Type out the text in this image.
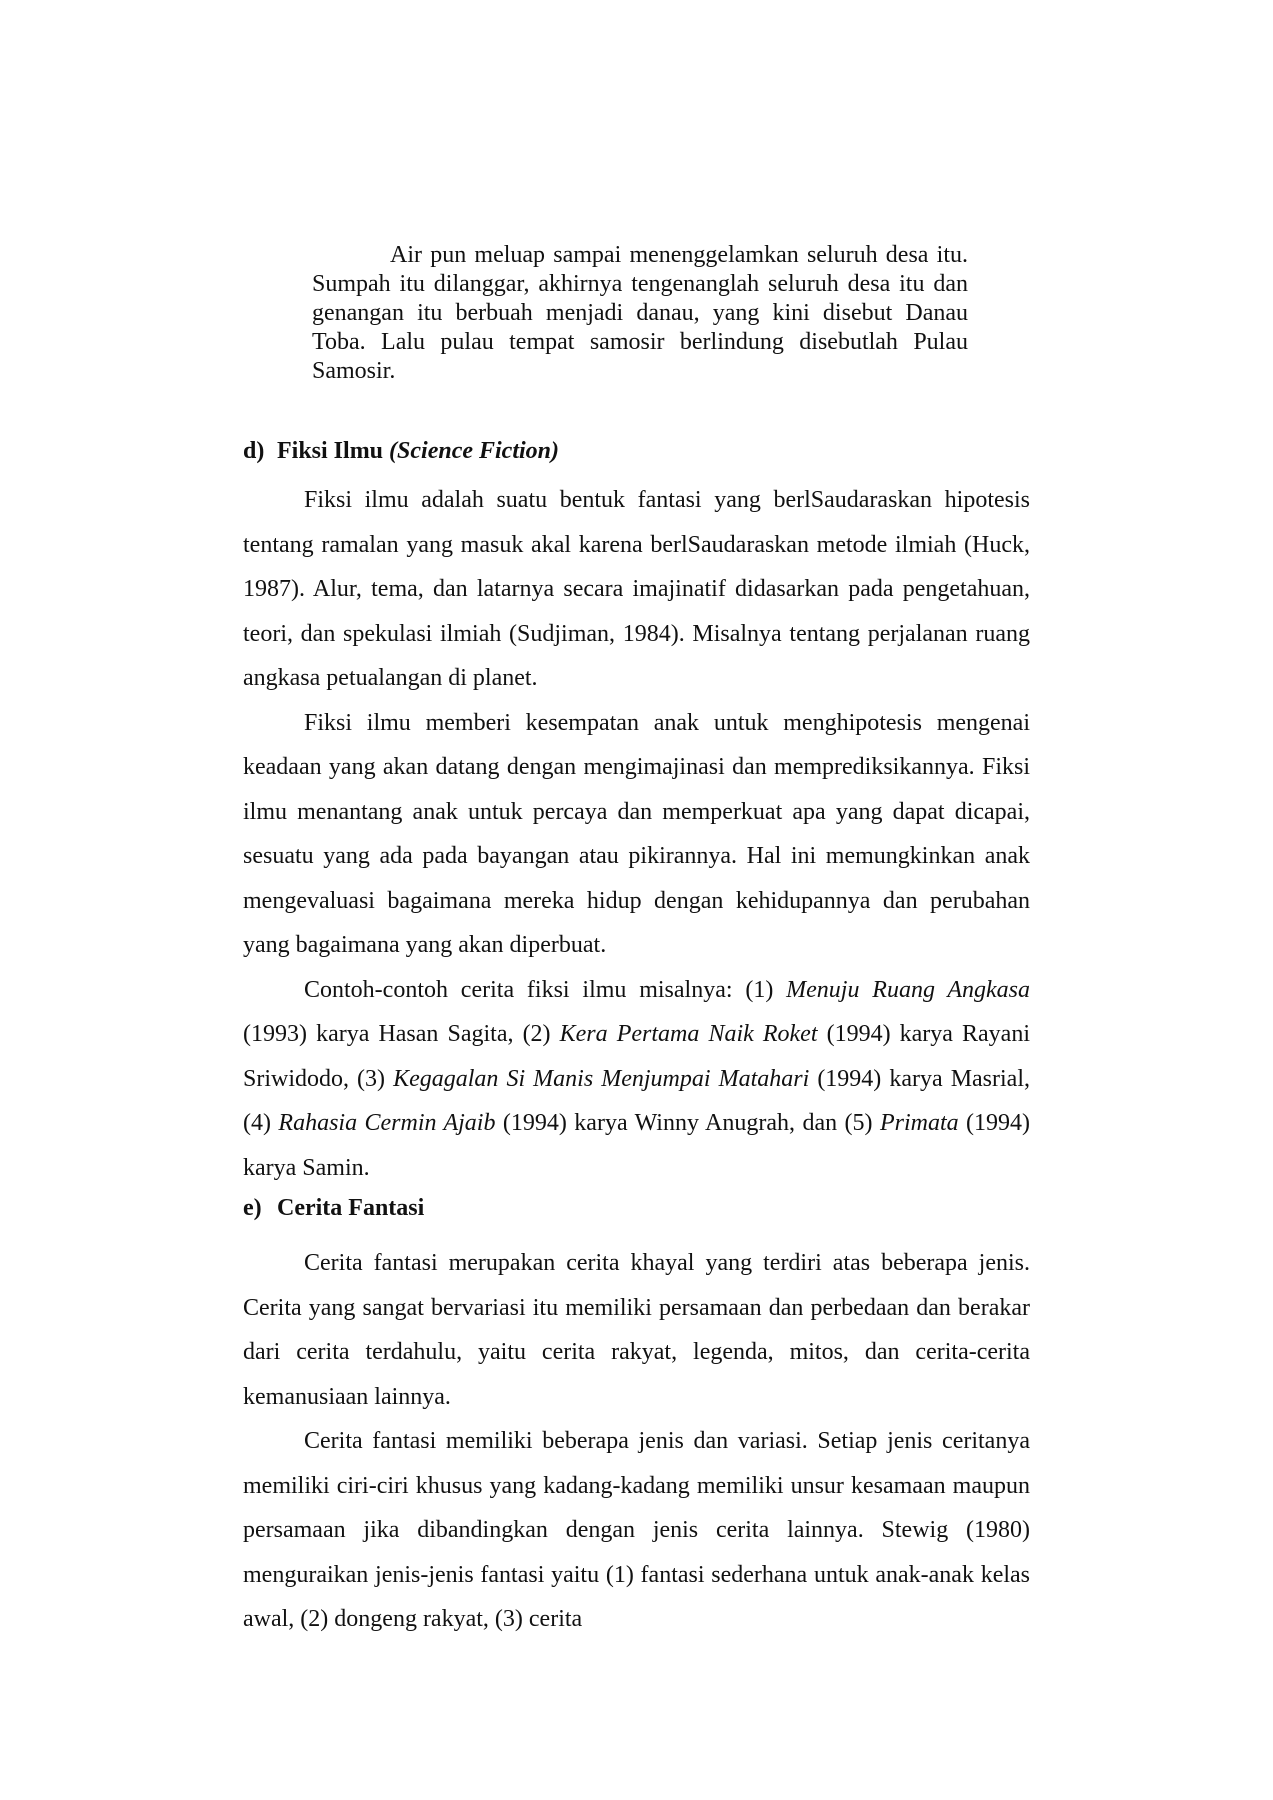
Air pun meluap sampai menenggelamkan seluruh desa itu. Sumpah itu dilanggar, akhirnya tengenanglah seluruh desa itu dan genangan itu berbuah menjadi danau, yang kini disebut Danau Toba. Lalu pulau tempat samosir berlindung disebutlah Pulau Samosir.

d) Fiksi Ilmu (Science Fiction)

Fiksi ilmu adalah suatu bentuk fantasi yang berlSaudaraskan hipotesis tentang ramalan yang masuk akal karena berlSaudaraskan metode ilmiah (Huck, 1987). Alur, tema, dan latarnya secara imajinatif didasarkan pada pengetahuan, teori, dan spekulasi ilmiah (Sudjiman, 1984). Misalnya tentang perjalanan ruang angkasa petualangan di planet.

Fiksi ilmu memberi kesempatan anak untuk menghipotesis mengenai keadaan yang akan datang dengan mengimajinasi dan memprediksikannya. Fiksi ilmu menantang anak untuk percaya dan memperkuat apa yang dapat dicapai, sesuatu yang ada pada bayangan atau pikirannya. Hal ini memungkinkan anak mengevaluasi bagaimana mereka hidup dengan kehidupannya dan perubahan yang bagaimana yang akan diperbuat.

Contoh-contoh cerita fiksi ilmu misalnya: (1) Menuju Ruang Angkasa (1993) karya Hasan Sagita, (2) Kera Pertama Naik Roket (1994) karya Rayani Sriwidodo, (3) Kegagalan Si Manis Menjumpai Matahari (1994) karya Masrial, (4) Rahasia Cermin Ajaib (1994) karya Winny Anugrah, dan (5) Primata (1994) karya Samin.

e) Cerita Fantasi

Cerita fantasi merupakan cerita khayal yang terdiri atas beberapa jenis. Cerita yang sangat bervariasi itu memiliki persamaan dan perbedaan dan berakar dari cerita terdahulu, yaitu cerita rakyat, legenda, mitos, dan cerita-cerita kemanusiaan lainnya.

Cerita fantasi memiliki beberapa jenis dan variasi. Setiap jenis ceritanya memiliki ciri-ciri khusus yang kadang-kadang memiliki unsur kesamaan maupun persamaan jika dibandingkan dengan jenis cerita lainnya. Stewig (1980) menguraikan jenis-jenis fantasi yaitu (1) fantasi sederhana untuk anak-anak kelas awal, (2) dongeng rakyat, (3) cerita
